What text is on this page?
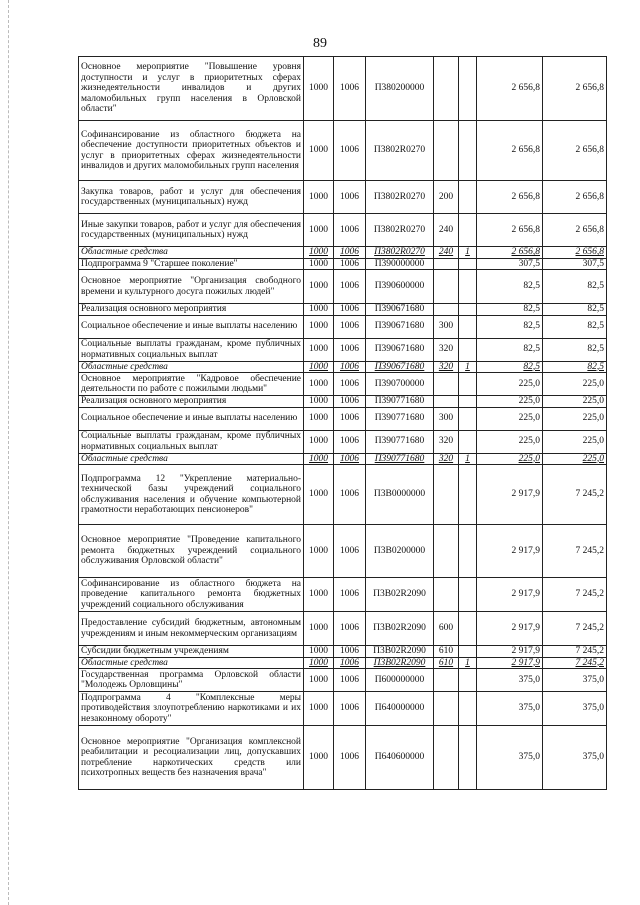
89
Основное мероприятие "Повышение уровня доступности и услуг в приоритетных сферах жизнедеятельности инвалидов и других маломобильных групп населения в Орловской области"	1000	1006	П380200000			2 656,8	2 656,8
Софинансирование из областного бюджета на обеспечение доступности приоритетных объектов и услуг в приоритетных сферах жизнедеятельности инвалидов и других маломобильных групп населения	1000	1006	П3802R0270			2 656,8	2 656,8
Закупка товаров, работ и услуг для обеспечения государственных (муниципальных) нужд	1000	1006	П3802R0270	200		2 656,8	2 656,8
Иные закупки товаров, работ и услуг для обеспечения государственных (муниципальных) нужд	1000	1006	П3802R0270	240		2 656,8	2 656,8
Областные средства	1000	1006	П3802R0270	240	1	2 656,8	2 656,8
Подпрограмма 9 "Старшее поколение"	1000	1006	П390000000			307,5	307,5
Основное мероприятие "Организация свободного времени и культурного досуга пожилых людей"	1000	1006	П390600000			82,5	82,5
Реализация основного мероприятия	1000	1006	П390671680			82,5	82,5
Социальное обеспечение и иные выплаты населению	1000	1006	П390671680	300		82,5	82,5
Социальные выплаты гражданам, кроме публичных нормативных социальных выплат	1000	1006	П390671680	320		82,5	82,5
Областные средства	1000	1006	П390671680	320	1	82,5	82,5
Основное мероприятие "Кадровое обеспечение деятельности по работе с пожилыми людьми"	1000	1006	П390700000			225,0	225,0
Реализация основного мероприятия	1000	1006	П390771680			225,0	225,0
Социальное обеспечение и иные выплаты населению	1000	1006	П390771680	300		225,0	225,0
Социальные выплаты гражданам, кроме публичных нормативных социальных выплат	1000	1006	П390771680	320		225,0	225,0
Областные средства	1000	1006	П390771680	320	1	225,0	225,0
Подпрограмма 12 "Укрепление материально-технической базы учреждений социального обслуживания населения и обучение компьютерной грамотности неработающих пенсионеров"	1000	1006	П3В0000000			2 917,9	7 245,2
Основное мероприятие "Проведение капитального ремонта бюджетных учреждений социального обслуживания Орловской области"	1000	1006	П3В0200000			2 917,9	7 245,2
Софинансирование из областного бюджета на проведение капитального ремонта бюджетных учреждений социального обслуживания	1000	1006	П3В02R2090			2 917,9	7 245,2
Предоставление субсидий бюджетным, автономным учреждениям и иным некоммерческим организациям	1000	1006	П3В02R2090	600		2 917,9	7 245,2
Субсидии бюджетным учреждениям	1000	1006	П3В02R2090	610		2 917,9	7 245,2
Областные средства	1000	1006	П3В02R2090	610	1	2 917,9	7 245,2
Государственная программа Орловской области "Молодежь Орловщины"	1000	1006	П600000000			375,0	375,0
Подпрограмма 4 "Комплексные меры противодействия злоупотреблению наркотиками и их незаконному обороту"	1000	1006	П640000000			375,0	375,0
Основное мероприятие "Организация комплексной реабилитации и ресоциализации лиц, допускавших потребление наркотических средств или психотропных веществ без назначения врача"	1000	1006	П640600000			375,0	375,0
